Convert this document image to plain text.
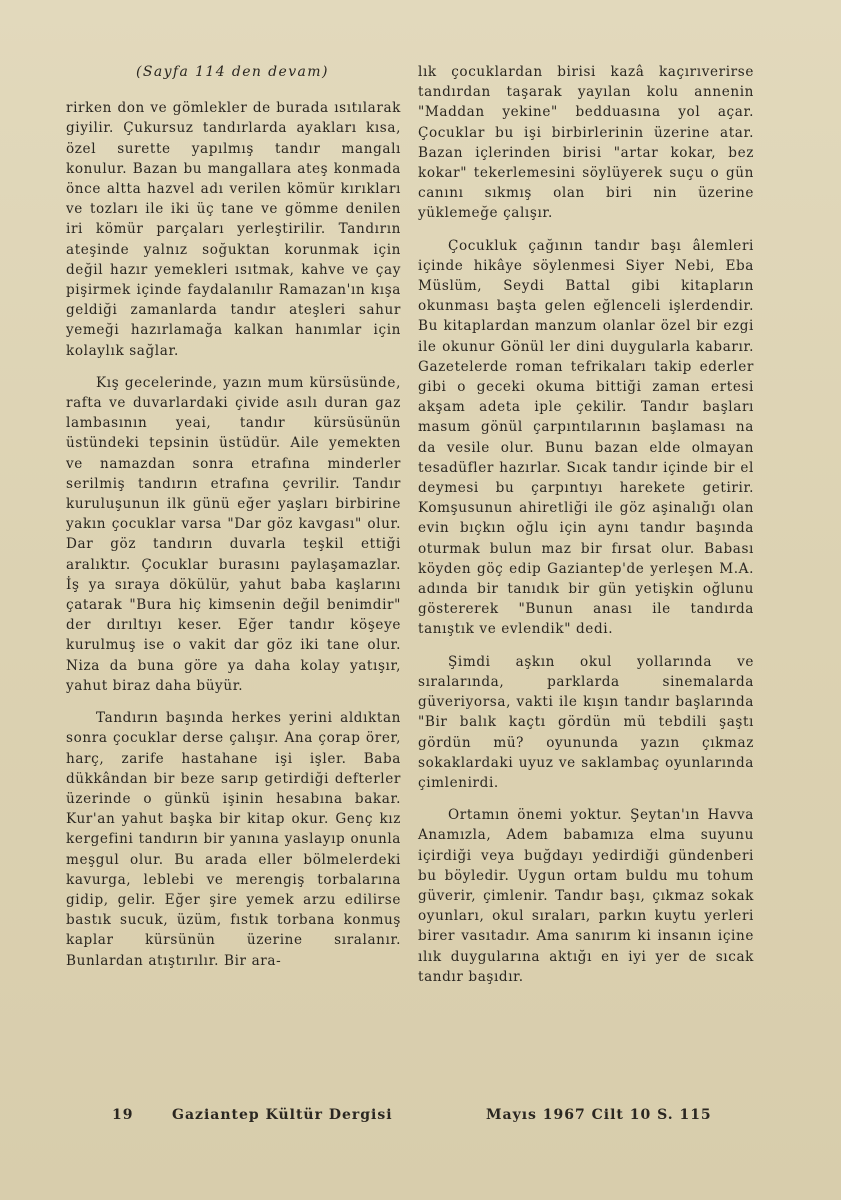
(Sayfa 114 den devam)

rirken don ve gömlekler de burada ısıtılarak giyilir. Çukursuz tandırlarda ayakları kısa, özel surette yapılmış tandır mangalı konulur. Bazan bu mangallara ateş konmada önce altta hazvel adı verilen kömür kırıkları ve tozları ile iki üç tane ve gömme denilen iri kömür parçaları yerleştirilir. Tandırın ateşinde yalnız soğuktan korunmak için değil hazır yemekleri ısıtmak, kahve ve çay pişirmek içinde faydalanılır Ramazan'ın kışa geldiği zamanlarda tandır ateşleri sahur yemeği hazırlamağa kalkan hanımlar için kolaylık sağlar.

Kış gecelerinde, yazın mum kürsüsünde, rafta ve duvarlardaki çivide asılı duran gaz lambasının yeai, tandır kürsüsünün üstündeki tepsinin üstüdür. Aile yemekten ve namazdan sonra etrafına minderler serilmiş tandırın etrafına çevrilir. Tandır kuruluşunun ilk günü eğer yaşları birbirine yakın çocuklar varsa "Dar göz kavgası" olur. Dar göz tandırın duvarla teşkil ettiği aralıktır. Çocuklar burasını paylaşamazlar. İş ya sıraya dökülür, yahut baba kaşlarını çatarak "Bura hiç kimsenin değil benimdir" der dırıltıyı keser. Eğer tandır köşeye kurulmuş ise o vakit dar göz iki tane olur. Niza da buna göre ya daha kolay yatışır, yahut biraz daha büyür.

Tandırın başında herkes yerini aldıktan sonra çocuklar derse çalışır. Ana çorap örer, harç, zarife hastahane işi işler. Baba dükkândan bir beze sarıp getirdiği defterler üzerinde o günkü işinin hesabına bakar. Kur'an yahut başka bir kitap okur. Genç kız kergefini tandırın bir yanına yaslayıp onunla meşgul olur. Bu arada eller bölmelerdeki kavurga, leblebi ve merengiş torbalarına gidip, gelir. Eğer şire yemek arzu edilirse bastık sucuk, üzüm, fıstık torbana konmuş kaplar kürsünün üzerine sıralanır. Bunlardan atıştırılır. Bir ara-

lık çocuklardan birisi kazâ kaçırıverirse tandırdan taşarak yayılan kolu annenin "Maddan yekine" bedduasına yol açar. Çocuklar bu işi birbirlerinin üzerine atar. Bazan içlerinden birisi "artar kokar, bez kokar" tekerlemesini söylüyerek suçu o gün canını sıkmış olan biri nin üzerine yüklemeğe çalışır.

Çocukluk çağının tandır başı âlemleri içinde hikâye söylenmesi Siyer Nebi, Eba Müslüm, Seydi Battal gibi kitapların okunması başta gelen eğlenceli işlerdendir. Bu kitaplardan manzum olanlar özel bir ezgi ile okunur Gönül ler dini duygularla kabarır. Gazetelerde roman tefrikaları takip ederler gibi o geceki okuma bittiği zaman ertesi akşam adeta iple çekilir. Tandır başları masum gönül çarpıntılarının başlaması na da vesile olur. Bunu bazan elde olmayan tesadüfler hazırlar. Sıcak tandır içinde bir el deymesi bu çarpıntıyı harekete getirir. Komşusunun ahiretliği ile göz aşinalığı olan evin bıçkın oğlu için aynı tandır başında oturmak bulun maz bir fırsat olur. Babası köyden göç edip Gaziantep'de yerleşen M.A. adında bir tanıdık bir gün yetişkin oğlunu göstererek "Bunun anası ile tandırda tanıştık ve evlendik" dedi.

Şimdi aşkın okul yollarında ve sıralarında, parklarda sinemalarda güveriyorsa, vakti ile kışın tandır başlarında "Bir balık kaçtı gördün mü tebdili şaştı gördün mü? oyununda yazın çıkmaz sokaklardaki uyuz ve saklambaç oyunlarında çimlenirdi.

Ortamın önemi yoktur. Şeytan'ın Havva Anamızla, Adem babamıza elma suyunu içirdiği veya buğdayı yedirdiği gündenberi bu böyledir. Uygun ortam buldu mu tohum güverir, çimlenir. Tandır başı, çıkmaz sokak oyunları, okul sıraları, parkın kuytu yerleri birer vasıtadır. Ama sanırım ki insanın içine ılık duygularına aktığı en iyi yer de sıcak tandır başıdır.

19	Gaziantep Kültür Dergisi	Mayıs 1967 Cilt 10 S. 115
